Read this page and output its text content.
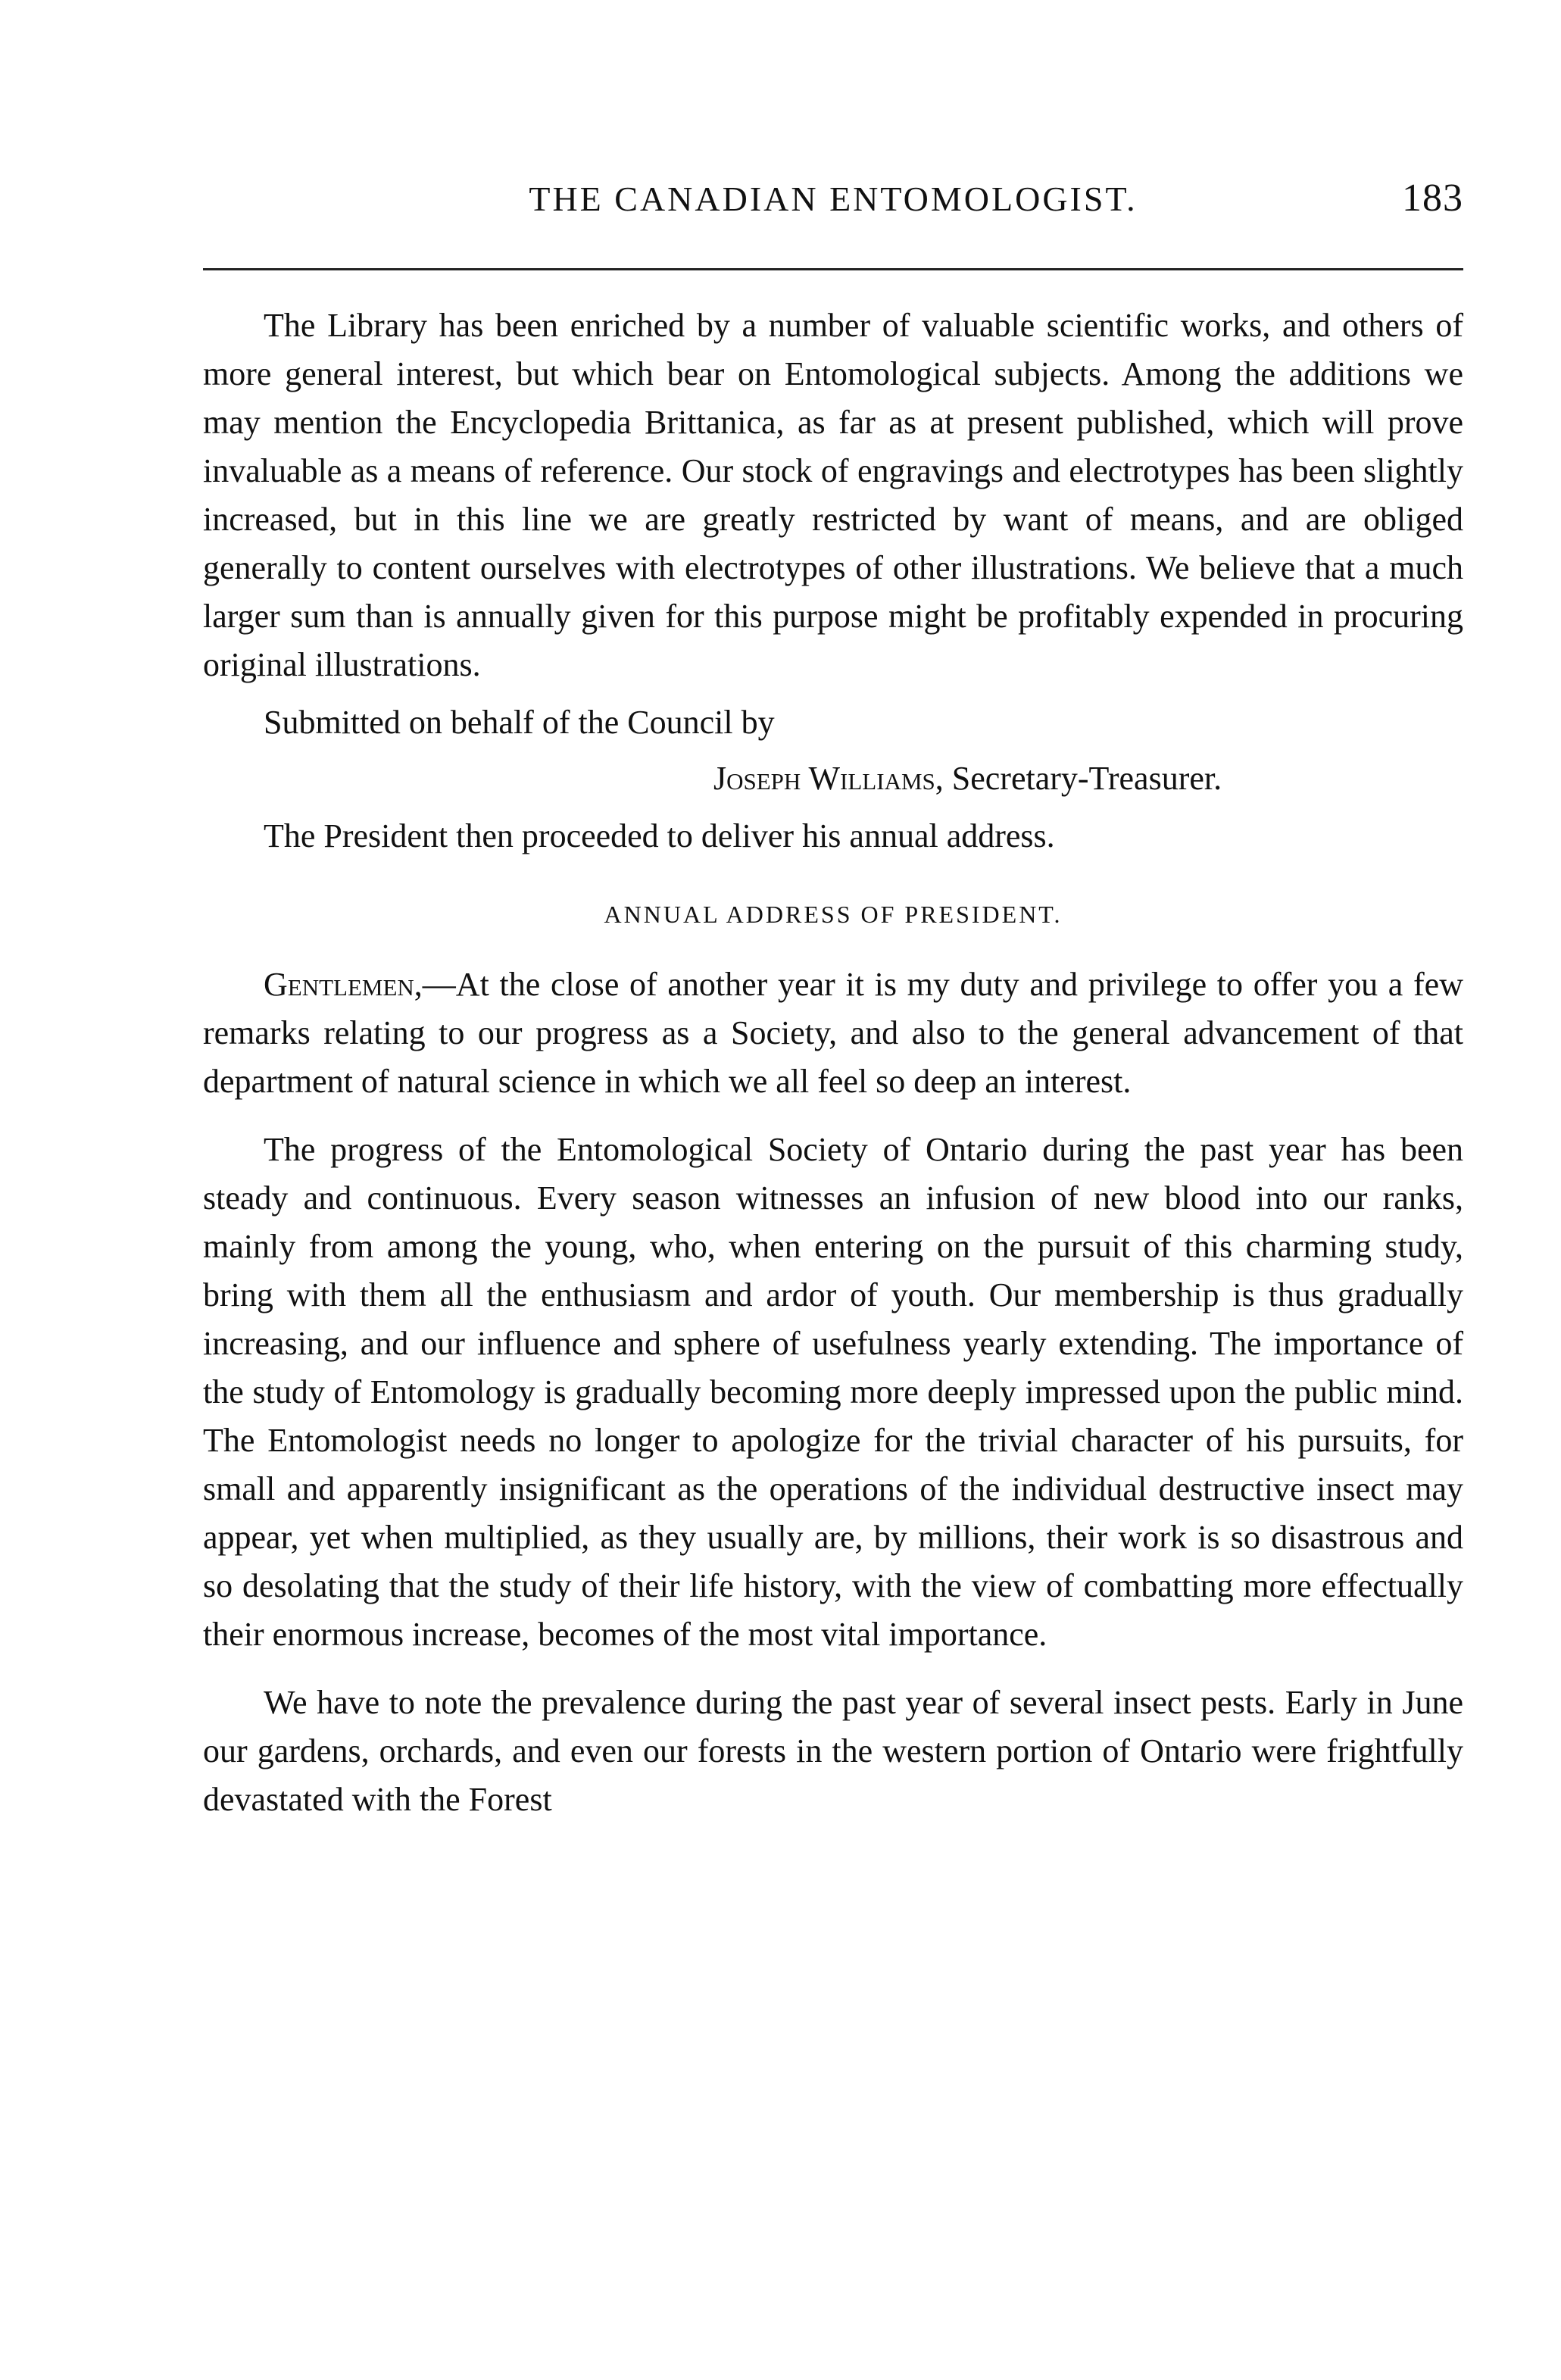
THE CANADIAN ENTOMOLOGIST.	183

The Library has been enriched by a number of valuable scientific works, and others of more general interest, but which bear on Entomological subjects. Among the additions we may mention the Encyclopedia Brittanica, as far as at present published, which will prove invaluable as a means of reference. Our stock of engravings and electrotypes has been slightly increased, but in this line we are greatly restricted by want of means, and are obliged generally to content ourselves with electrotypes of other illustrations. We believe that a much larger sum than is annually given for this purpose might be profitably expended in procuring original illustrations.

Submitted on behalf of the Council by

Joseph Williams, Secretary-Treasurer.

The President then proceeded to deliver his annual address.

ANNUAL ADDRESS OF PRESIDENT.

Gentlemen,—At the close of another year it is my duty and privilege to offer you a few remarks relating to our progress as a Society, and also to the general advancement of that department of natural science in which we all feel so deep an interest.

The progress of the Entomological Society of Ontario during the past year has been steady and continuous. Every season witnesses an infusion of new blood into our ranks, mainly from among the young, who, when entering on the pursuit of this charming study, bring with them all the enthusiasm and ardor of youth. Our membership is thus gradually increasing, and our influence and sphere of usefulness yearly extending. The importance of the study of Entomology is gradually becoming more deeply impressed upon the public mind. The Entomologist needs no longer to apologize for the trivial character of his pursuits, for small and apparently insignificant as the operations of the individual destructive insect may appear, yet when multiplied, as they usually are, by millions, their work is so disastrous and so desolating that the study of their life history, with the view of combatting more effectually their enormous increase, becomes of the most vital importance.

We have to note the prevalence during the past year of several insect pests. Early in June our gardens, orchards, and even our forests in the western portion of Ontario were frightfully devastated with the Forest
